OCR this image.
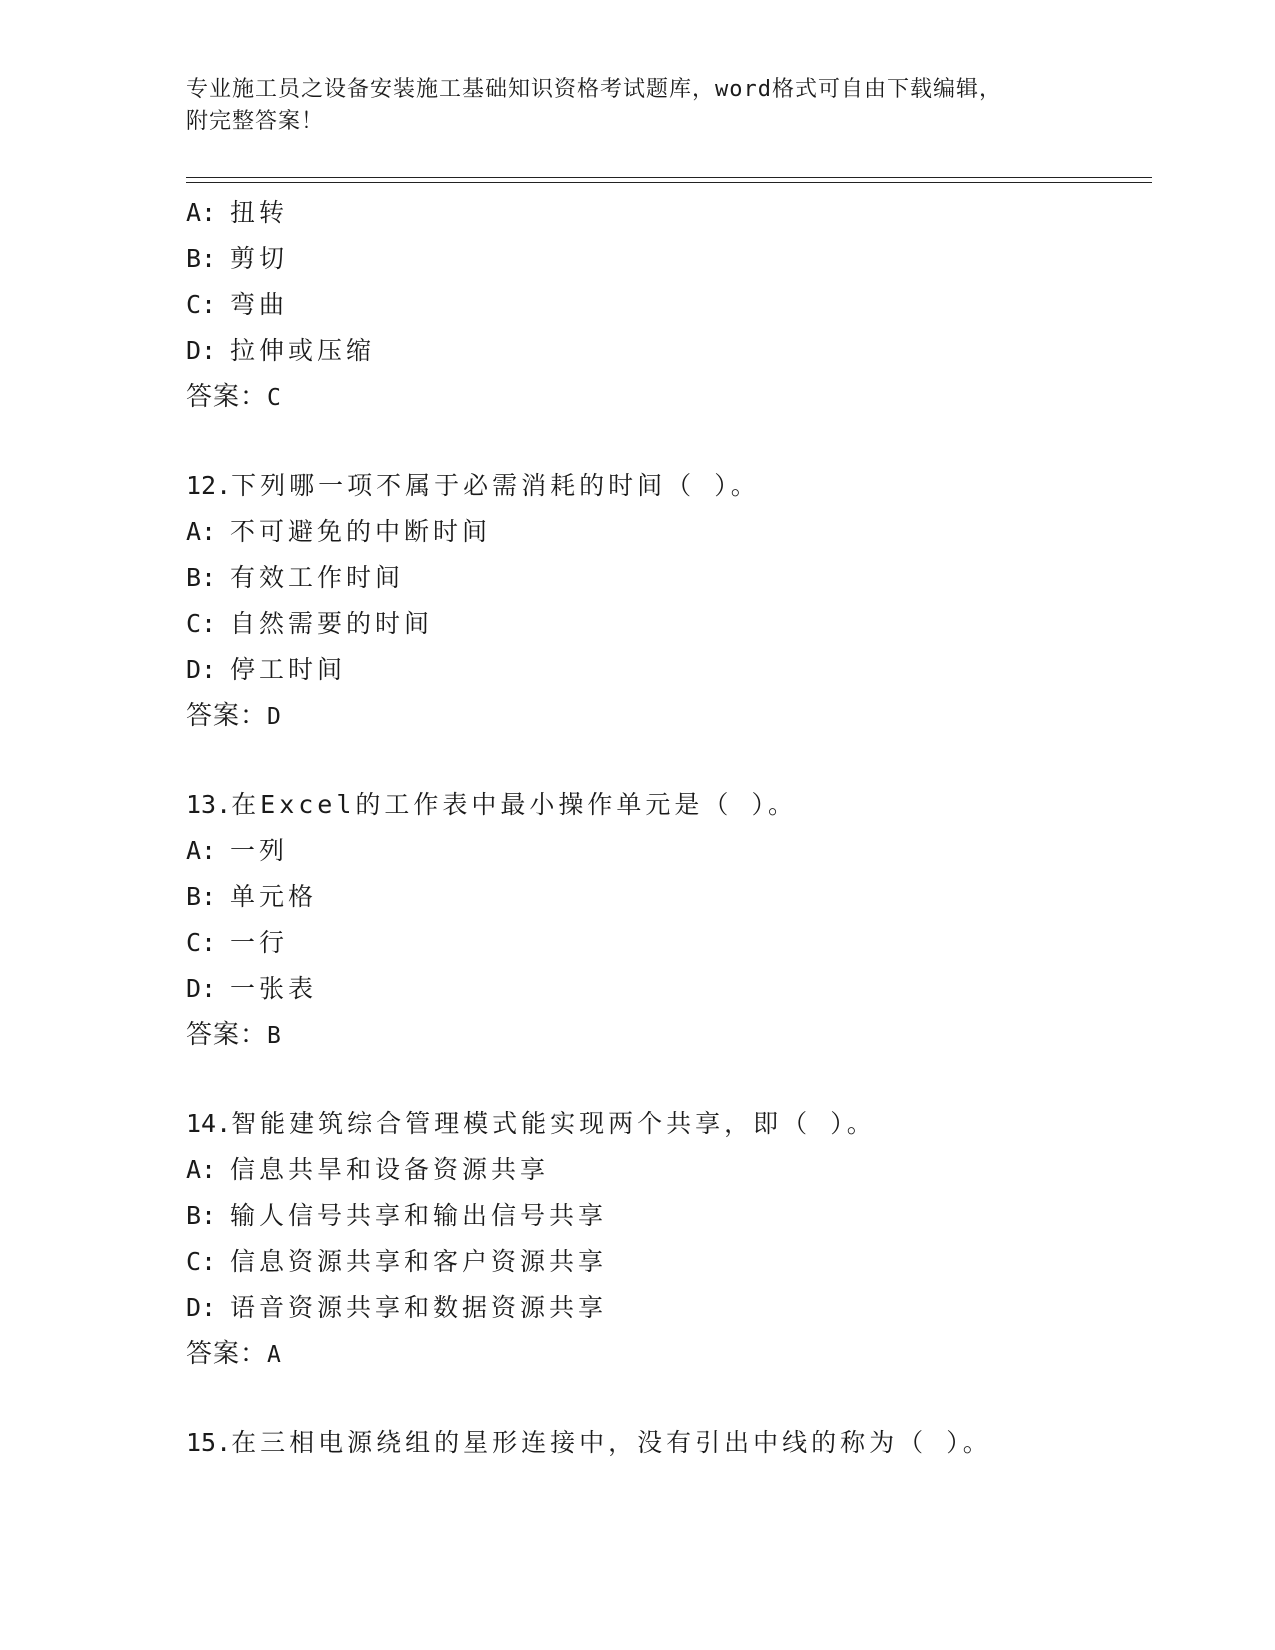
专业施工员之设备安装施工基础知识资格考试题库，word格式可自由下载编辑，
附完整答案！
A: 扭转
B: 剪切
C: 弯曲
D: 拉伸或压缩
答案：C
12.下列哪一项不属于必需消耗的时间（ ）。
A: 不可避免的中断时间
B: 有效工作时间
C: 自然需要的时间
D: 停工时间
答案：D
13.在Excel的工作表中最小操作单元是（ ）。
A: 一列
B: 单元格
C: 一行
D: 一张表
答案：B
14.智能建筑综合管理模式能实现两个共享，即（ ）。
A: 信息共旱和设备资源共享
B: 输人信号共享和输出信号共享
C: 信息资源共享和客户资源共享
D: 语音资源共享和数据资源共享
答案：A
15.在三相电源绕组的星形连接中，没有引出中线的称为（ ）。
